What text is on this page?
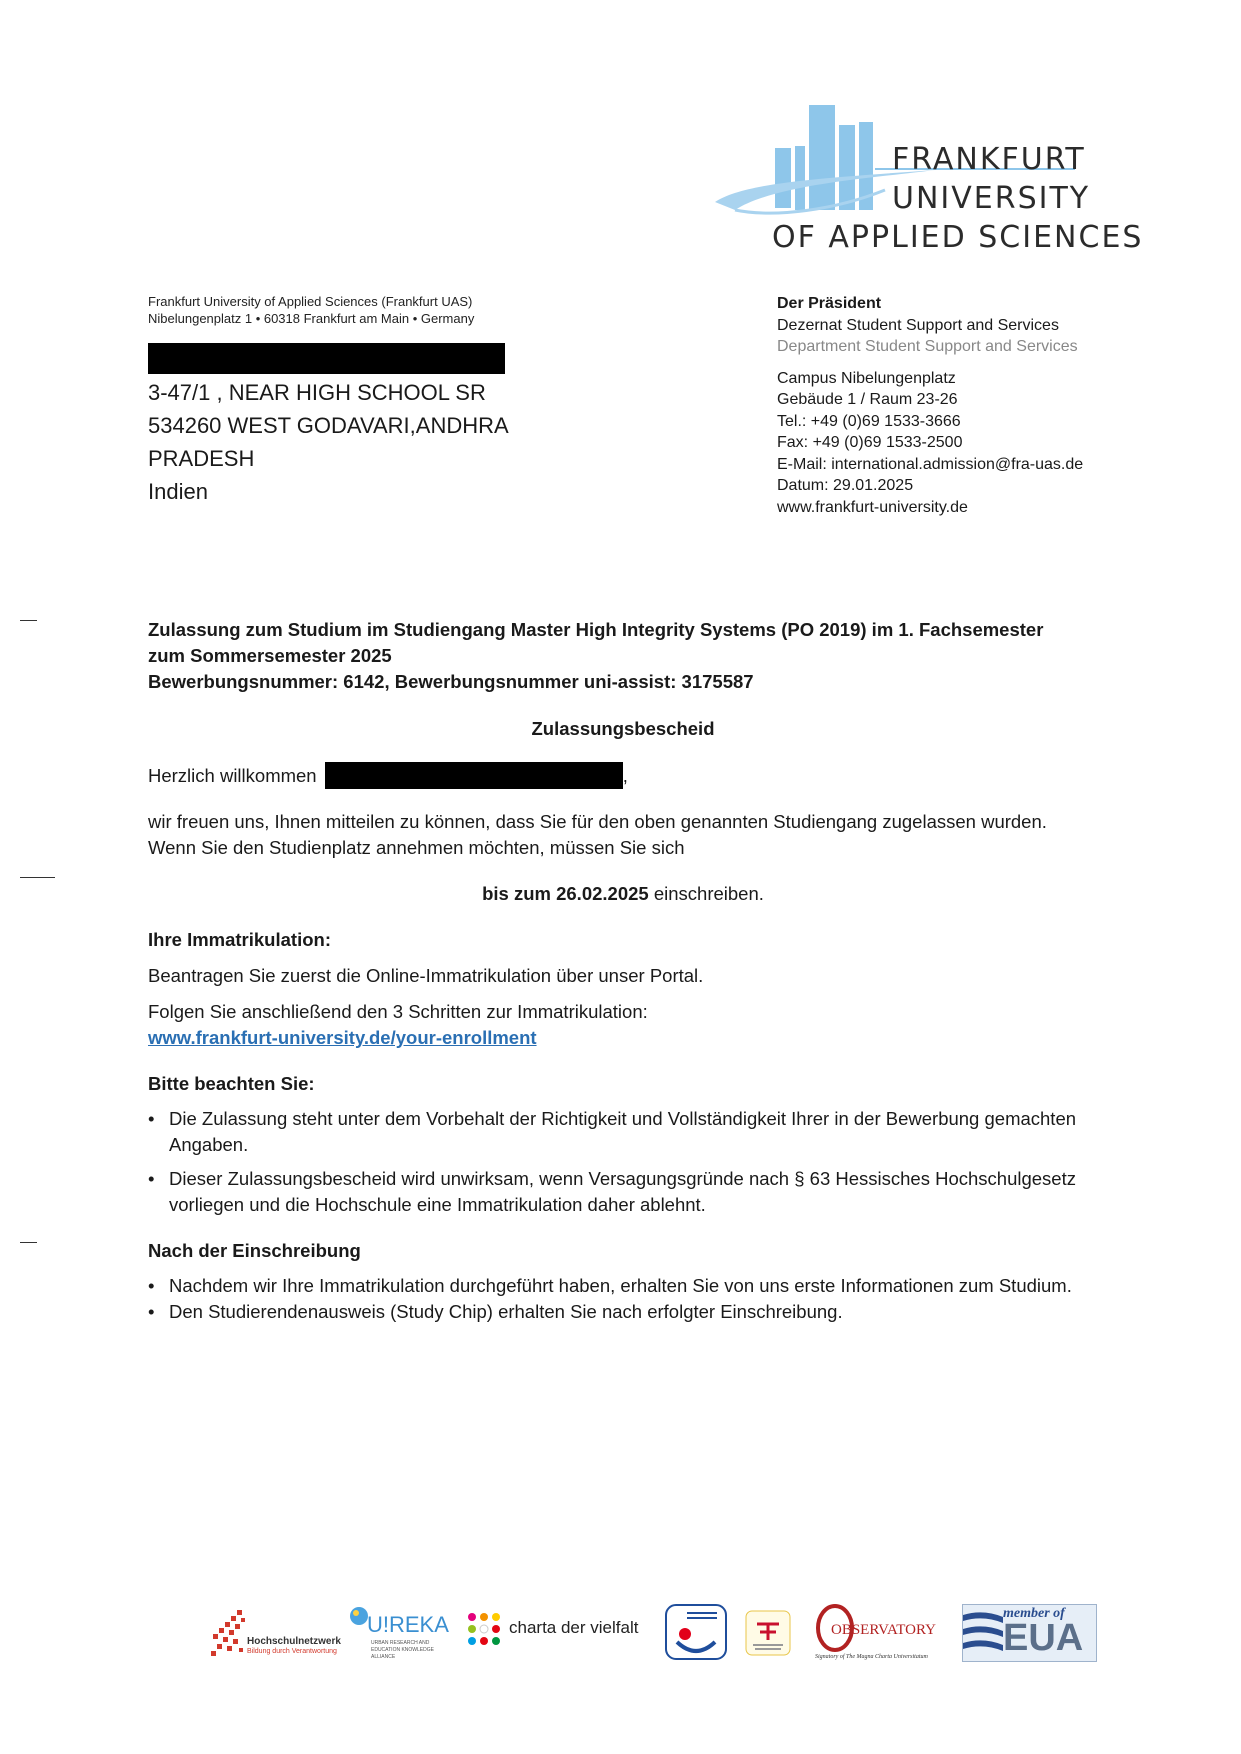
FRANKFURT
UNIVERSITY
OF APPLIED SCIENCES
Frankfurt University of Applied Sciences (Frankfurt UAS)
Nibelungenplatz 1 • 60318 Frankfurt am Main • Germany
3-47/1 , NEAR HIGH SCHOOL SR
534260 WEST GODAVARI,ANDHRA
PRADESH
Indien
Der Präsident
Dezernat Student Support and Services
Department Student Support and Services
Campus Nibelungenplatz
Gebäude 1 / Raum 23-26
Tel.: +49 (0)69 1533-3666
Fax: +49 (0)69 1533-2500
E-Mail: international.admission@fra-uas.de
Datum: 29.01.2025
www.frankfurt-university.de

Zulassung zum Studium im Studiengang Master High Integrity Systems (PO 2019) im 1. Fachsemester

zum Sommersemester 2025

Bewerbungsnummer: 6142, Bewerbungsnummer uni-assist: 3175587

Zulassungsbescheid

Herzlich willkommen	,

wir freuen uns, Ihnen mitteilen zu können, dass Sie für den oben genannten Studiengang zugelassen wurden.

Wenn Sie den Studienplatz annehmen möchten, müssen Sie sich

bis zum 26.02.2025 einschreiben.

Ihre Immatrikulation:

Beantragen Sie zuerst die Online-Immatrikulation über unser Portal.

Folgen Sie anschließend den 3 Schritten zur Immatrikulation:

www.frankfurt-university.de/your-enrollment

Bitte beachten Sie:

• Die Zulassung steht unter dem Vorbehalt der Richtigkeit und Vollständigkeit Ihrer in der Bewerbung gemachten Angaben.
• Dieser Zulassungsbescheid wird unwirksam, wenn Versagungsgründe nach § 63 Hessisches Hochschulgesetz vorliegen und die Hochschule eine Immatrikulation daher ablehnt.

Nach der Einschreibung

• Nachdem wir Ihre Immatrikulation durchgeführt haben, erhalten Sie von uns erste Informationen zum Studium.
• Den Studierendenausweis (Study Chip) erhalten Sie nach erfolgter Einschreibung.
Hochschulnetzwerk
Bildung durch Verantwortung
U!REKA
URBAN RESEARCH AND
EDUCATION KNOWLEDGE
ALLIANCE
charta der vielfalt	OBSERVATORY
Signatory of The Magna Charta Universitatum
member of
EUA
